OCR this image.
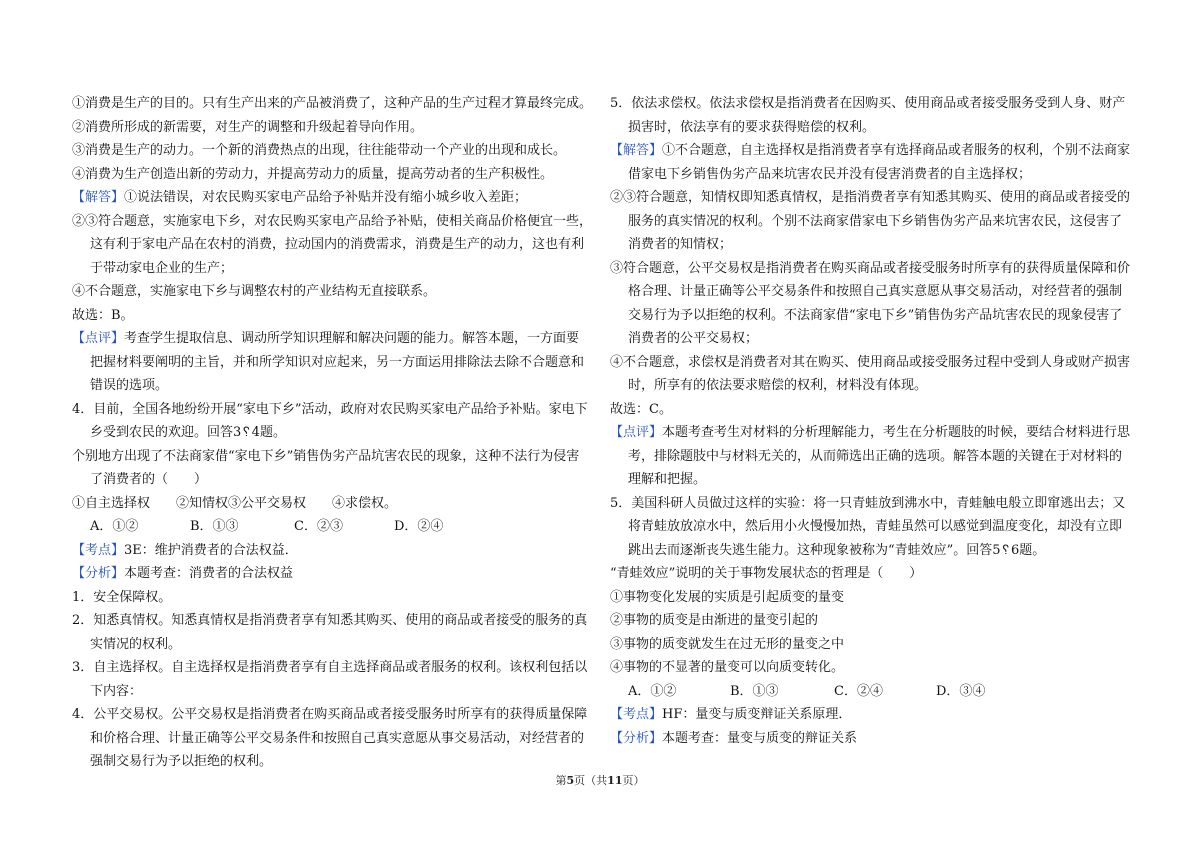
①消费是生产的目的。只有生产出来的产品被消费了，这种产品的生产过程才算最终完成。

②消费所形成的新需要，对生产的调整和升级起着导向作用。

③消费是生产的动力。一个新的消费热点的出现，往往能带动一个产业的出现和成长。

④消费为生产创造出新的劳动力，并提高劳动力的质量，提高劳动者的生产积极性。

【解答】①说法错误，对农民购买家电产品给予补贴并没有缩小城乡收入差距；

②③符合题意，实施家电下乡，对农民购买家电产品给予补贴，使相关商品价格便宜一些，这有利于家电产品在农村的消费，拉动国内的消费需求，消费是生产的动力，这也有利于带动家电企业的生产；

④不合题意，实施家电下乡与调整农村的产业结构无直接联系。

故选：B。

【点评】考查学生提取信息、调动所学知识理解和解决问题的能力。解答本题，一方面要把握材料要阐明的主旨，并和所学知识对应起来，另一方面运用排除法去除不合题意和错误的选项。

4．目前，全国各地纷纷开展“家电下乡”活动，政府对农民购买家电产品给予补贴。家电下乡受到农民的欢迎。回答3␦4题。

个别地方出现了不法商家借“家电下乡”销售伪劣产品坑害农民的现象，这种不法行为侵害了消费者的（　　）

①自主选择权　　②知情权③公平交易权　　④求偿权。

A．①②	B．①③	C．②③	D．②④

【考点】3E：维护消费者的合法权益．

【分析】本题考查：消费者的合法权益

1．安全保障权。

2．知悉真情权。知悉真情权是指消费者享有知悉其购买、使用的商品或者接受的服务的真实情况的权利。

3．自主选择权。自主选择权是指消费者享有自主选择商品或者服务的权利。该权利包括以下内容：

4．公平交易权。公平交易权是指消费者在购买商品或者接受服务时所享有的获得质量保障和价格合理、计量正确等公平交易条件和按照自己真实意愿从事交易活动，对经营者的强制交易行为予以拒绝的权利。

5．依法求偿权。依法求偿权是指消费者在因购买、使用商品或者接受服务受到人身、财产损害时，依法享有的要求获得赔偿的权利。

【解答】①不合题意，自主选择权是指消费者享有选择商品或者服务的权利，个别不法商家借家电下乡销售伪劣产品来坑害农民并没有侵害消费者的自主选择权；

②③符合题意，知情权即知悉真情权，是指消费者享有知悉其购买、使用的商品或者接受的服务的真实情况的权利。个别不法商家借家电下乡销售伪劣产品来坑害农民，这侵害了消费者的知情权；

③符合题意，公平交易权是指消费者在购买商品或者接受服务时所享有的获得质量保障和价格合理、计量正确等公平交易条件和按照自己真实意愿从事交易活动，对经营者的强制交易行为予以拒绝的权利。不法商家借“家电下乡”销售伪劣产品坑害农民的现象侵害了消费者的公平交易权；

④不合题意，求偿权是消费者对其在购买、使用商品或接受服务过程中受到人身或财产损害时，所享有的依法要求赔偿的权利，材料没有体现。

故选：C。

【点评】本题考查考生对材料的分析理解能力，考生在分析题肢的时候，要结合材料进行思考，排除题肢中与材料无关的，从而筛选出正确的选项。解答本题的关键在于对材料的理解和把握。

5．美国科研人员做过这样的实验：将一只青蛙放到沸水中，青蛙触电般立即窜逃出去；又将青蛙放放凉水中，然后用小火慢慢加热，青蛙虽然可以感觉到温度变化，却没有立即跳出去而逐渐丧失逃生能力。这种现象被称为“青蛙效应”。回答5␦6题。

“青蛙效应”说明的关于事物发展状态的哲理是（　　）

①事物变化发展的实质是引起质变的量变

②事物的质变是由渐进的量变引起的

③事物的质变就发生在过无形的量变之中

④事物的不显著的量变可以向质变转化。

A．①②	B．①③	C．②④	D．③④

【考点】HF：量变与质变辩证关系原理．

【分析】本题考查：量变与质变的辩证关系

第5页（共11页）
